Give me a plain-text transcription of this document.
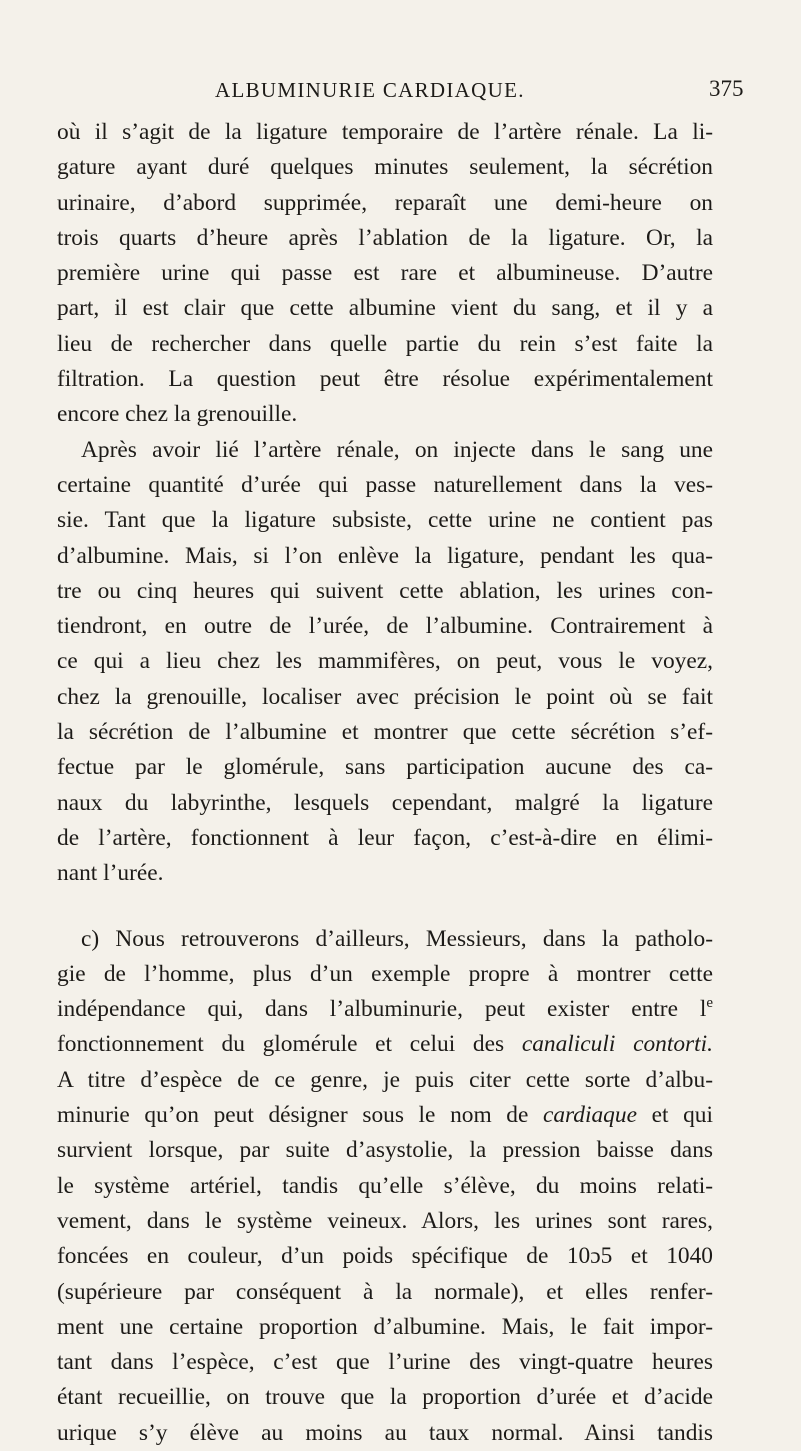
ALBUMINURIE CARDIAQUE.	375
où il s’agit de la ligature temporaire de l’artère rénale. La li-
gature ayant duré quelques minutes seulement, la sécrétion
urinaire, d’abord supprimée, reparaît une demi-heure on
trois quarts d’heure après l’ablation de la ligature. Or, la
première urine qui passe est rare et albumineuse. D’autre
part, il est clair que cette albumine vient du sang, et il y a
lieu de rechercher dans quelle partie du rein s’est faite la
filtration. La question peut être résolue expérimentalement
encore chez la grenouille.
Après avoir lié l’artère rénale, on injecte dans le sang une
certaine quantité d’urée qui passe naturellement dans la ves-
sie. Tant que la ligature subsiste, cette urine ne contient pas
d’albumine. Mais, si l’on enlève la ligature, pendant les qua-
tre ou cinq heures qui suivent cette ablation, les urines con-
tiendront, en outre de l’urée, de l’albumine. Contrairement à
ce qui a lieu chez les mammifères, on peut, vous le voyez,
chez la grenouille, localiser avec précision le point où se fait
la sécrétion de l’albumine et montrer que cette sécrétion s’ef-
fectue par le glomérule, sans participation aucune des ca-
naux du labyrinthe, lesquels cependant, malgré la ligature
de l’artère, fonctionnent à leur façon, c’est-à-dire en élimi-
nant l’urée.
c) Nous retrouverons d’ailleurs, Messieurs, dans la patholo-
gie de l’homme, plus d’un exemple propre à montrer cette
indépendance qui, dans l’albuminurie, peut exister entre $l^e$
fonctionnement du glomérule et celui des canaliculi contorti.
A titre d’espèce de ce genre, je puis citer cette sorte d’albu-
minurie qu’on peut désigner sous le nom de cardiaque et qui
survient lorsque, par suite d’asystolie, la pression baisse dans
le système artériel, tandis qu’elle s’élève, du moins relati-
vement, dans le système veineux. Alors, les urines sont rares,
foncées en couleur, d’un poids spécifique de 10ɔ5 et 1040
(supérieure par conséquent à la normale), et elles renfer-
ment une certaine proportion d’albumine. Mais, le fait impor-
tant dans l’espèce, c’est que l’urine des vingt-quatre heures
étant recueillie, on trouve que la proportion d’urée et d’acide
urique s’y élève au moins au taux normal. Ainsi tandis
